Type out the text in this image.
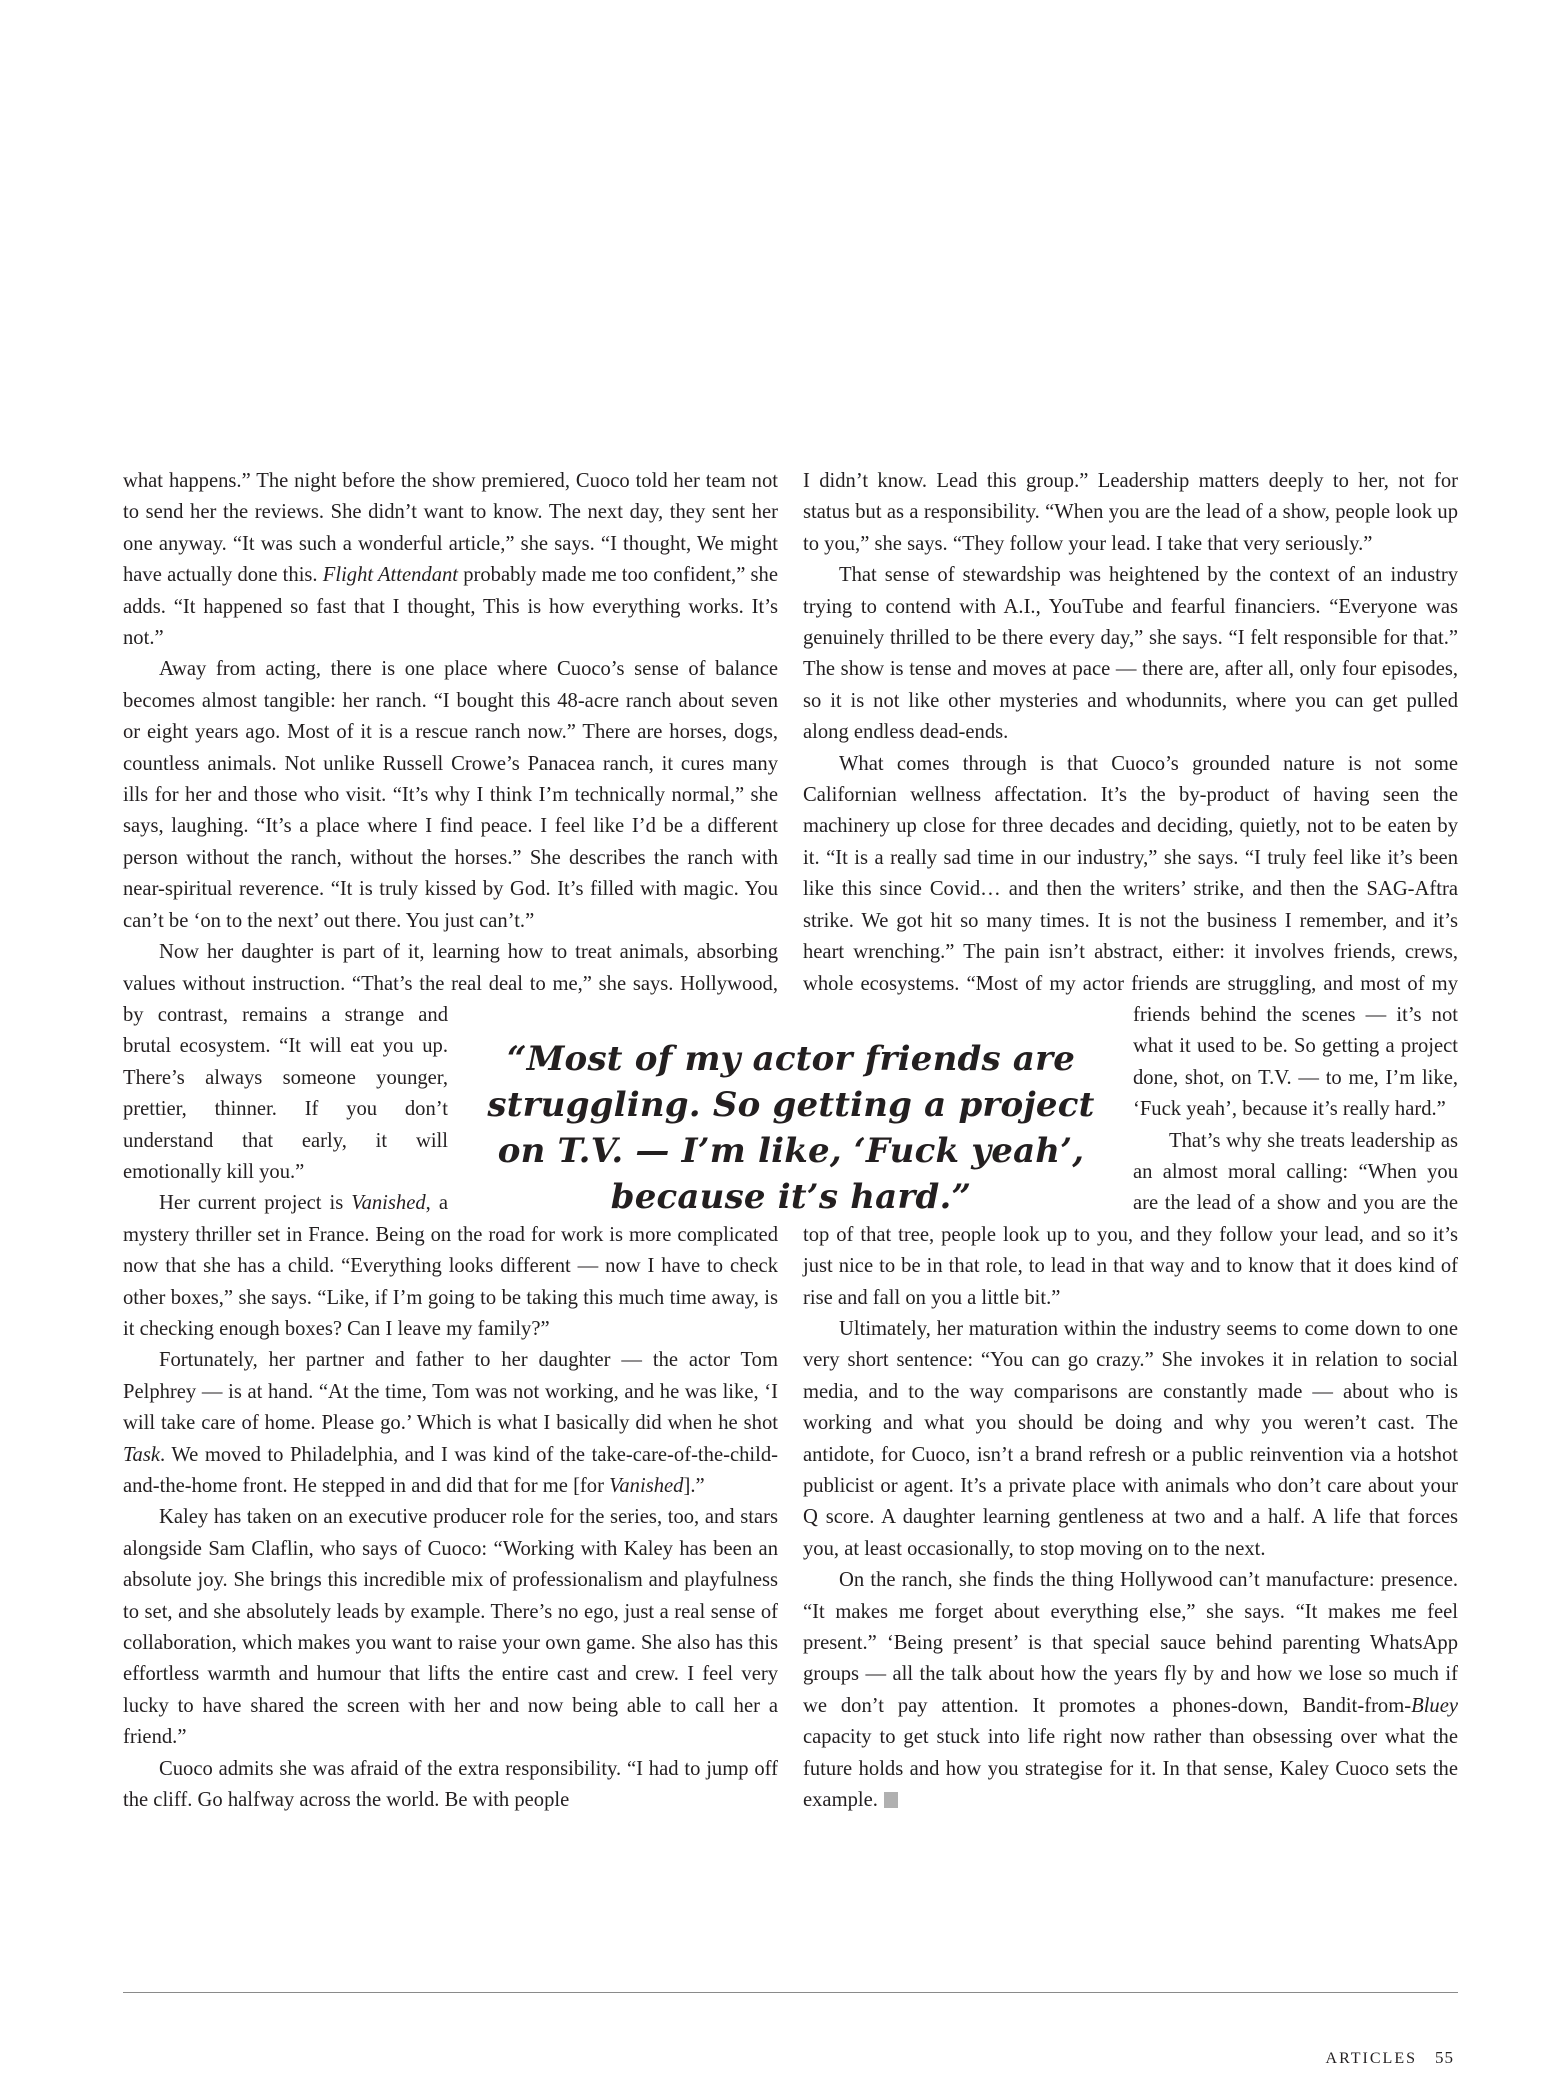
what happens.” The night before the show premiered, Cuoco told her team not to send her the reviews. She didn’t want to know. The next day, they sent her one anyway. “It was such a wonderful article,” she says. “I thought, We might have actually done this. Flight Attendant probably made me too confident,” she adds. “It happened so fast that I thought, This is how everything works. It’s not.”

Away from acting, there is one place where Cuoco’s sense of balance becomes almost tangible: her ranch. “I bought this 48-acre ranch about seven or eight years ago. Most of it is a rescue ranch now.” There are horses, dogs, countless animals. Not unlike Russell Crowe’s Panacea ranch, it cures many ills for her and those who visit. “It’s why I think I’m technically normal,” she says, laughing. “It’s a place where I find peace. I feel like I’d be a different person without the ranch, without the horses.” She describes the ranch with near-spiritual reverence. “It is truly kissed by God. It’s filled with magic. You can’t be ‘on to the next’ out there. You just can’t.”

Now her daughter is part of it, learning how to treat animals, absorbing values without instruction. “That’s the real deal to me,” she says. Hollywood, by contrast, remains a strange and brutal ecosystem. “It will eat you up. There’s always someone younger, prettier, thinner. If you don’t understand that early, it will emotionally kill you.”

Her current project is Vanished, a mystery thriller set in France. Being on the road for work is more complicated now that she has a child. “Everything looks different — now I have to check other boxes,” she says. “Like, if I’m going to be taking this much time away, is it checking enough boxes? Can I leave my family?”

Fortunately, her partner and father to her daughter — the actor Tom Pelphrey — is at hand. “At the time, Tom was not working, and he was like, ‘I will take care of home. Please go.’ Which is what I basically did when he shot Task. We moved to Philadelphia, and I was kind of the take-care-of-the-child-and-the-home front. He stepped in and did that for me [for Vanished].”

Kaley has taken on an executive producer role for the series, too, and stars alongside Sam Claflin, who says of Cuoco: “Working with Kaley has been an absolute joy. She brings this incredible mix of professionalism and playfulness to set, and she absolutely leads by example. There’s no ego, just a real sense of collaboration, which makes you want to raise your own game. She also has this effortless warmth and humour that lifts the entire cast and crew. I feel very lucky to have shared the screen with her and now being able to call her a friend.”

Cuoco admits she was afraid of the extra responsibility. “I had to jump off the cliff. Go halfway across the world. Be with people

I didn’t know. Lead this group.” Leadership matters deeply to her, not for status but as a responsibility. “When you are the lead of a show, people look up to you,” she says. “They follow your lead. I take that very seriously.”

That sense of stewardship was heightened by the context of an industry trying to contend with A.I., YouTube and fearful financiers. “Everyone was genuinely thrilled to be there every day,” she says. “I felt responsible for that.” The show is tense and moves at pace — there are, after all, only four episodes, so it is not like other mysteries and whodunnits, where you can get pulled along endless dead-ends.

What comes through is that Cuoco’s grounded nature is not some Californian wellness affectation. It’s the by-product of having seen the machinery up close for three decades and deciding, quietly, not to be eaten by it. “It is a really sad time in our industry,” she says. “I truly feel like it’s been like this since Covid… and then the writers’ strike, and then the SAG-Aftra strike. We got hit so many times. It is not the business I remember, and it’s heart wrenching.” The pain isn’t abstract, either: it involves friends, crews, whole ecosystems. “Most of my actor friends are struggling, and most of my friends behind the scenes — it’s not what it used to be. So getting a project done, shot, on T.V. — to me, I’m like, ‘Fuck yeah’, because it’s really hard.”

That’s why she treats leadership as an almost moral calling: “When you are the lead of a show and you are the top of that tree, people look up to you, and they follow your lead, and so it’s just nice to be in that role, to lead in that way and to know that it does kind of rise and fall on you a little bit.”

Ultimately, her maturation within the industry seems to come down to one very short sentence: “You can go crazy.” She invokes it in relation to social media, and to the way comparisons are constantly made — about who is working and what you should be doing and why you weren’t cast. The antidote, for Cuoco, isn’t a brand refresh or a public reinvention via a hotshot publicist or agent. It’s a private place with animals who don’t care about your Q score. A daughter learning gentleness at two and a half. A life that forces you, at least occasionally, to stop moving on to the next.

On the ranch, she finds the thing Hollywood can’t manufacture: presence. “It makes me forget about everything else,” she says. “It makes me feel present.” ‘Being present’ is that special sauce behind parenting WhatsApp groups — all the talk about how the years fly by and how we lose so much if we don’t pay attention. It promotes a phones-down, Bandit-from-Bluey capacity to get stuck into life right now rather than obsessing over what the future holds and how you strategise for it. In that sense, Kaley Cuoco sets the example.

“Most of my actor friends are struggling. So getting a project on T.V. — I’m like, ‘Fuck yeah’, because it’s hard.”
ARTICLES 55
